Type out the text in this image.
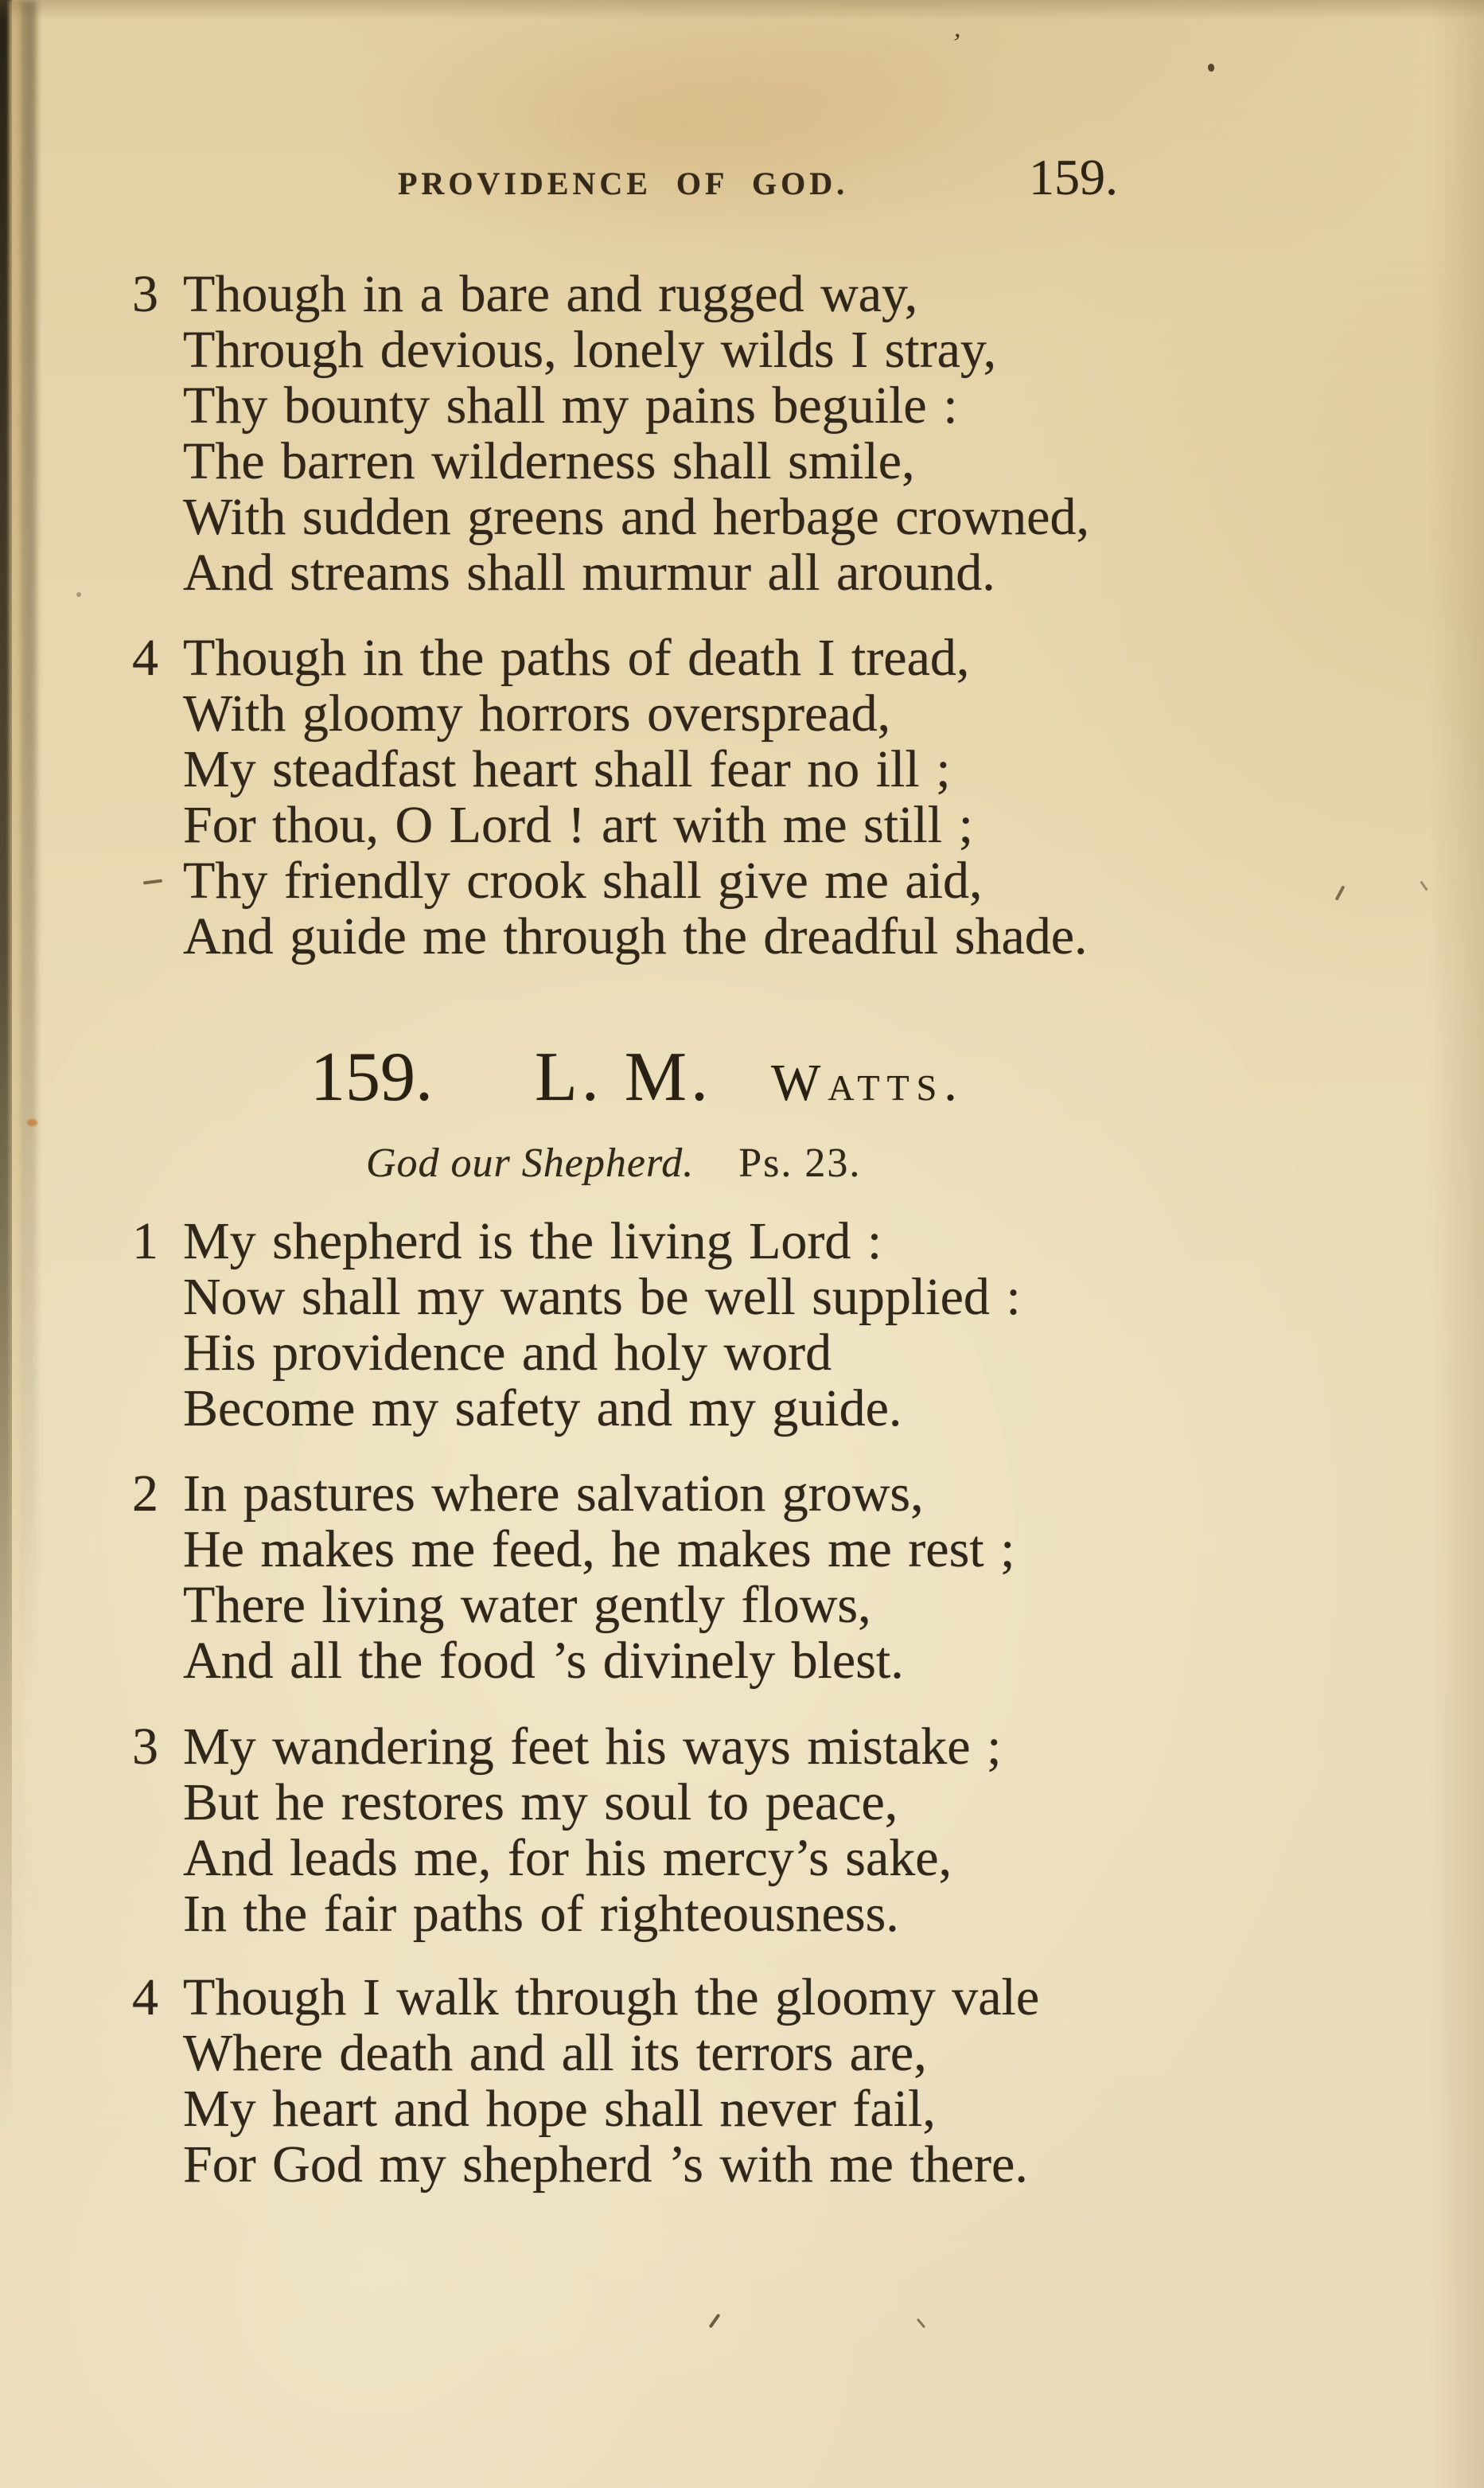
PROVIDENCE OF GOD.	159.
3 Though in a bare and rugged way,
Through devious, lonely wilds I stray,
Thy bounty shall my pains beguile :
The barren wilderness shall smile,
With sudden greens and herbage crowned,
And streams shall murmur all around.
4 Though in the paths of death I tread,
With gloomy horrors overspread,
My steadfast heart shall fear no ill ;
For thou, O Lord ! art with me still ;
Thy friendly crook shall give me aid,
And guide me through the dreadful shade.
159. L. M. Watts.
God our Shepherd. Ps. 23.
1 My shepherd is the living Lord :
Now shall my wants be well supplied :
His providence and holy word
Become my safety and my guide.
2 In pastures where salvation grows,
He makes me feed, he makes me rest ;
There living water gently flows,
And all the food ’s divinely blest.
3 My wandering feet his ways mistake ;
But he restores my soul to peace,
And leads me, for his mercy’s sake,
In the fair paths of righteousness.
4 Though I walk through the gloomy vale
Where death and all its terrors are,
My heart and hope shall never fail,
For God my shepherd ’s with me there.
’
